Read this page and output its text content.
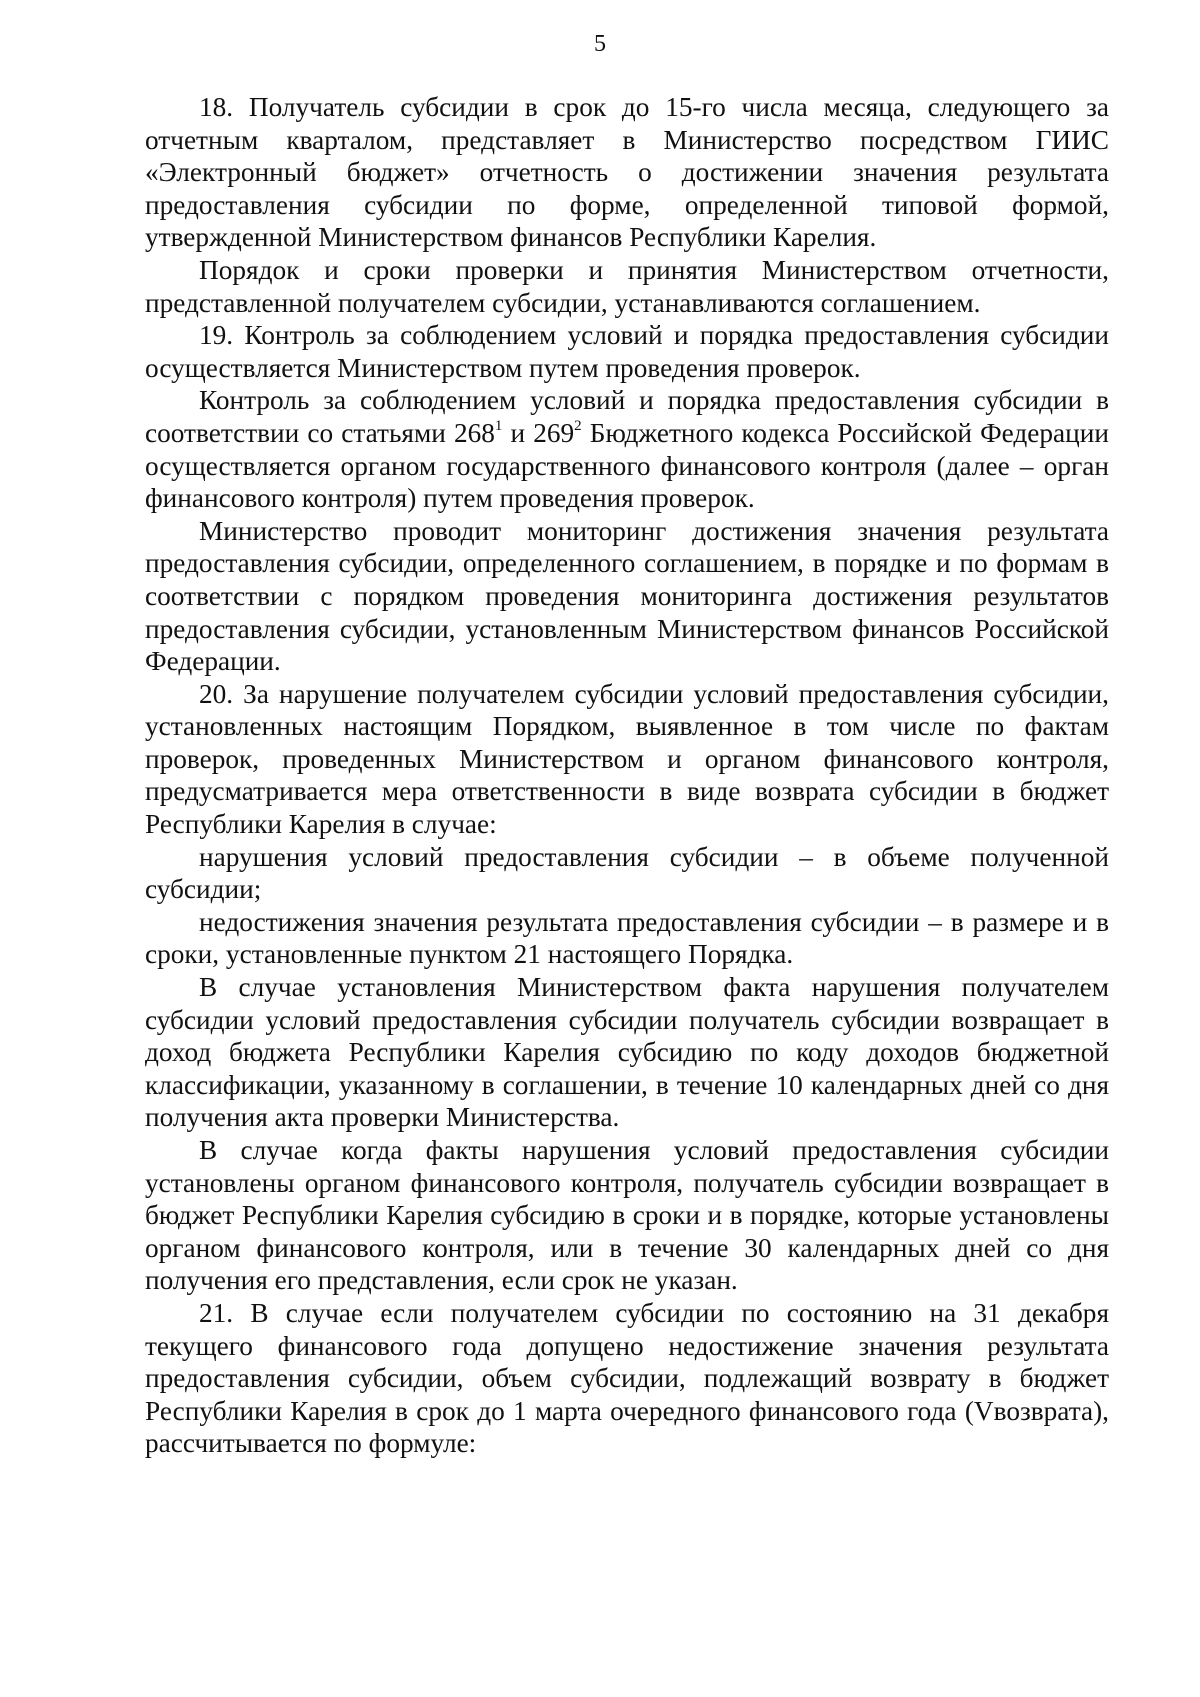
5

18. Получатель субсидии в срок до 15-го числа месяца, следующего за отчетным кварталом, представляет в Министерство посредством ГИИС «Электронный бюджет» отчетность о достижении значения результата предоставления субсидии по форме, определенной типовой формой, утвержденной Министерством финансов Республики Карелия.

Порядок и сроки проверки и принятия Министерством отчетности, представленной получателем субсидии, устанавливаются соглашением.

19. Контроль за соблюдением условий и порядка предоставления субсидии осуществляется Министерством путем проведения проверок.

Контроль за соблюдением условий и порядка предоставления субсидии в соответствии со статьями $268^1$ и $269^2$ Бюджетного кодекса Российской Федерации осуществляется органом государственного финансового контроля (далее – орган финансового контроля) путем проведения проверок.

Министерство проводит мониторинг достижения значения результата предоставления субсидии, определенного соглашением, в порядке и по формам в соответствии с порядком проведения мониторинга достижения результатов предоставления субсидии, установленным Министерством финансов Российской Федерации.

20. За нарушение получателем субсидии условий предоставления субсидии, установленных настоящим Порядком, выявленное в том числе по фактам проверок, проведенных Министерством и органом финансового контроля, предусматривается мера ответственности в виде возврата субсидии в бюджет Республики Карелия в случае:

нарушения условий предоставления субсидии – в объеме полученной субсидии;

недостижения значения результата предоставления субсидии – в размере и в сроки, установленные пунктом 21 настоящего Порядка.

В случае установления Министерством факта нарушения получателем субсидии условий предоставления субсидии получатель субсидии возвращает в доход бюджета Республики Карелия субсидию по коду доходов бюджетной классификации, указанному в соглашении, в течение 10 календарных дней со дня получения акта проверки Министерства.

В случае когда факты нарушения условий предоставления субсидии установлены органом финансового контроля, получатель субсидии возвращает в бюджет Республики Карелия субсидию в сроки и в порядке, которые установлены органом финансового контроля, или в течение 30 календарных дней со дня получения его представления, если срок не указан.

21. В случае если получателем субсидии по состоянию на 31 декабря текущего финансового года допущено недостижение значения результата предоставления субсидии, объем субсидии, подлежащий возврату в бюджет Республики Карелия в срок до 1 марта очередного финансового года (Vвозврата), рассчитывается по формуле:
